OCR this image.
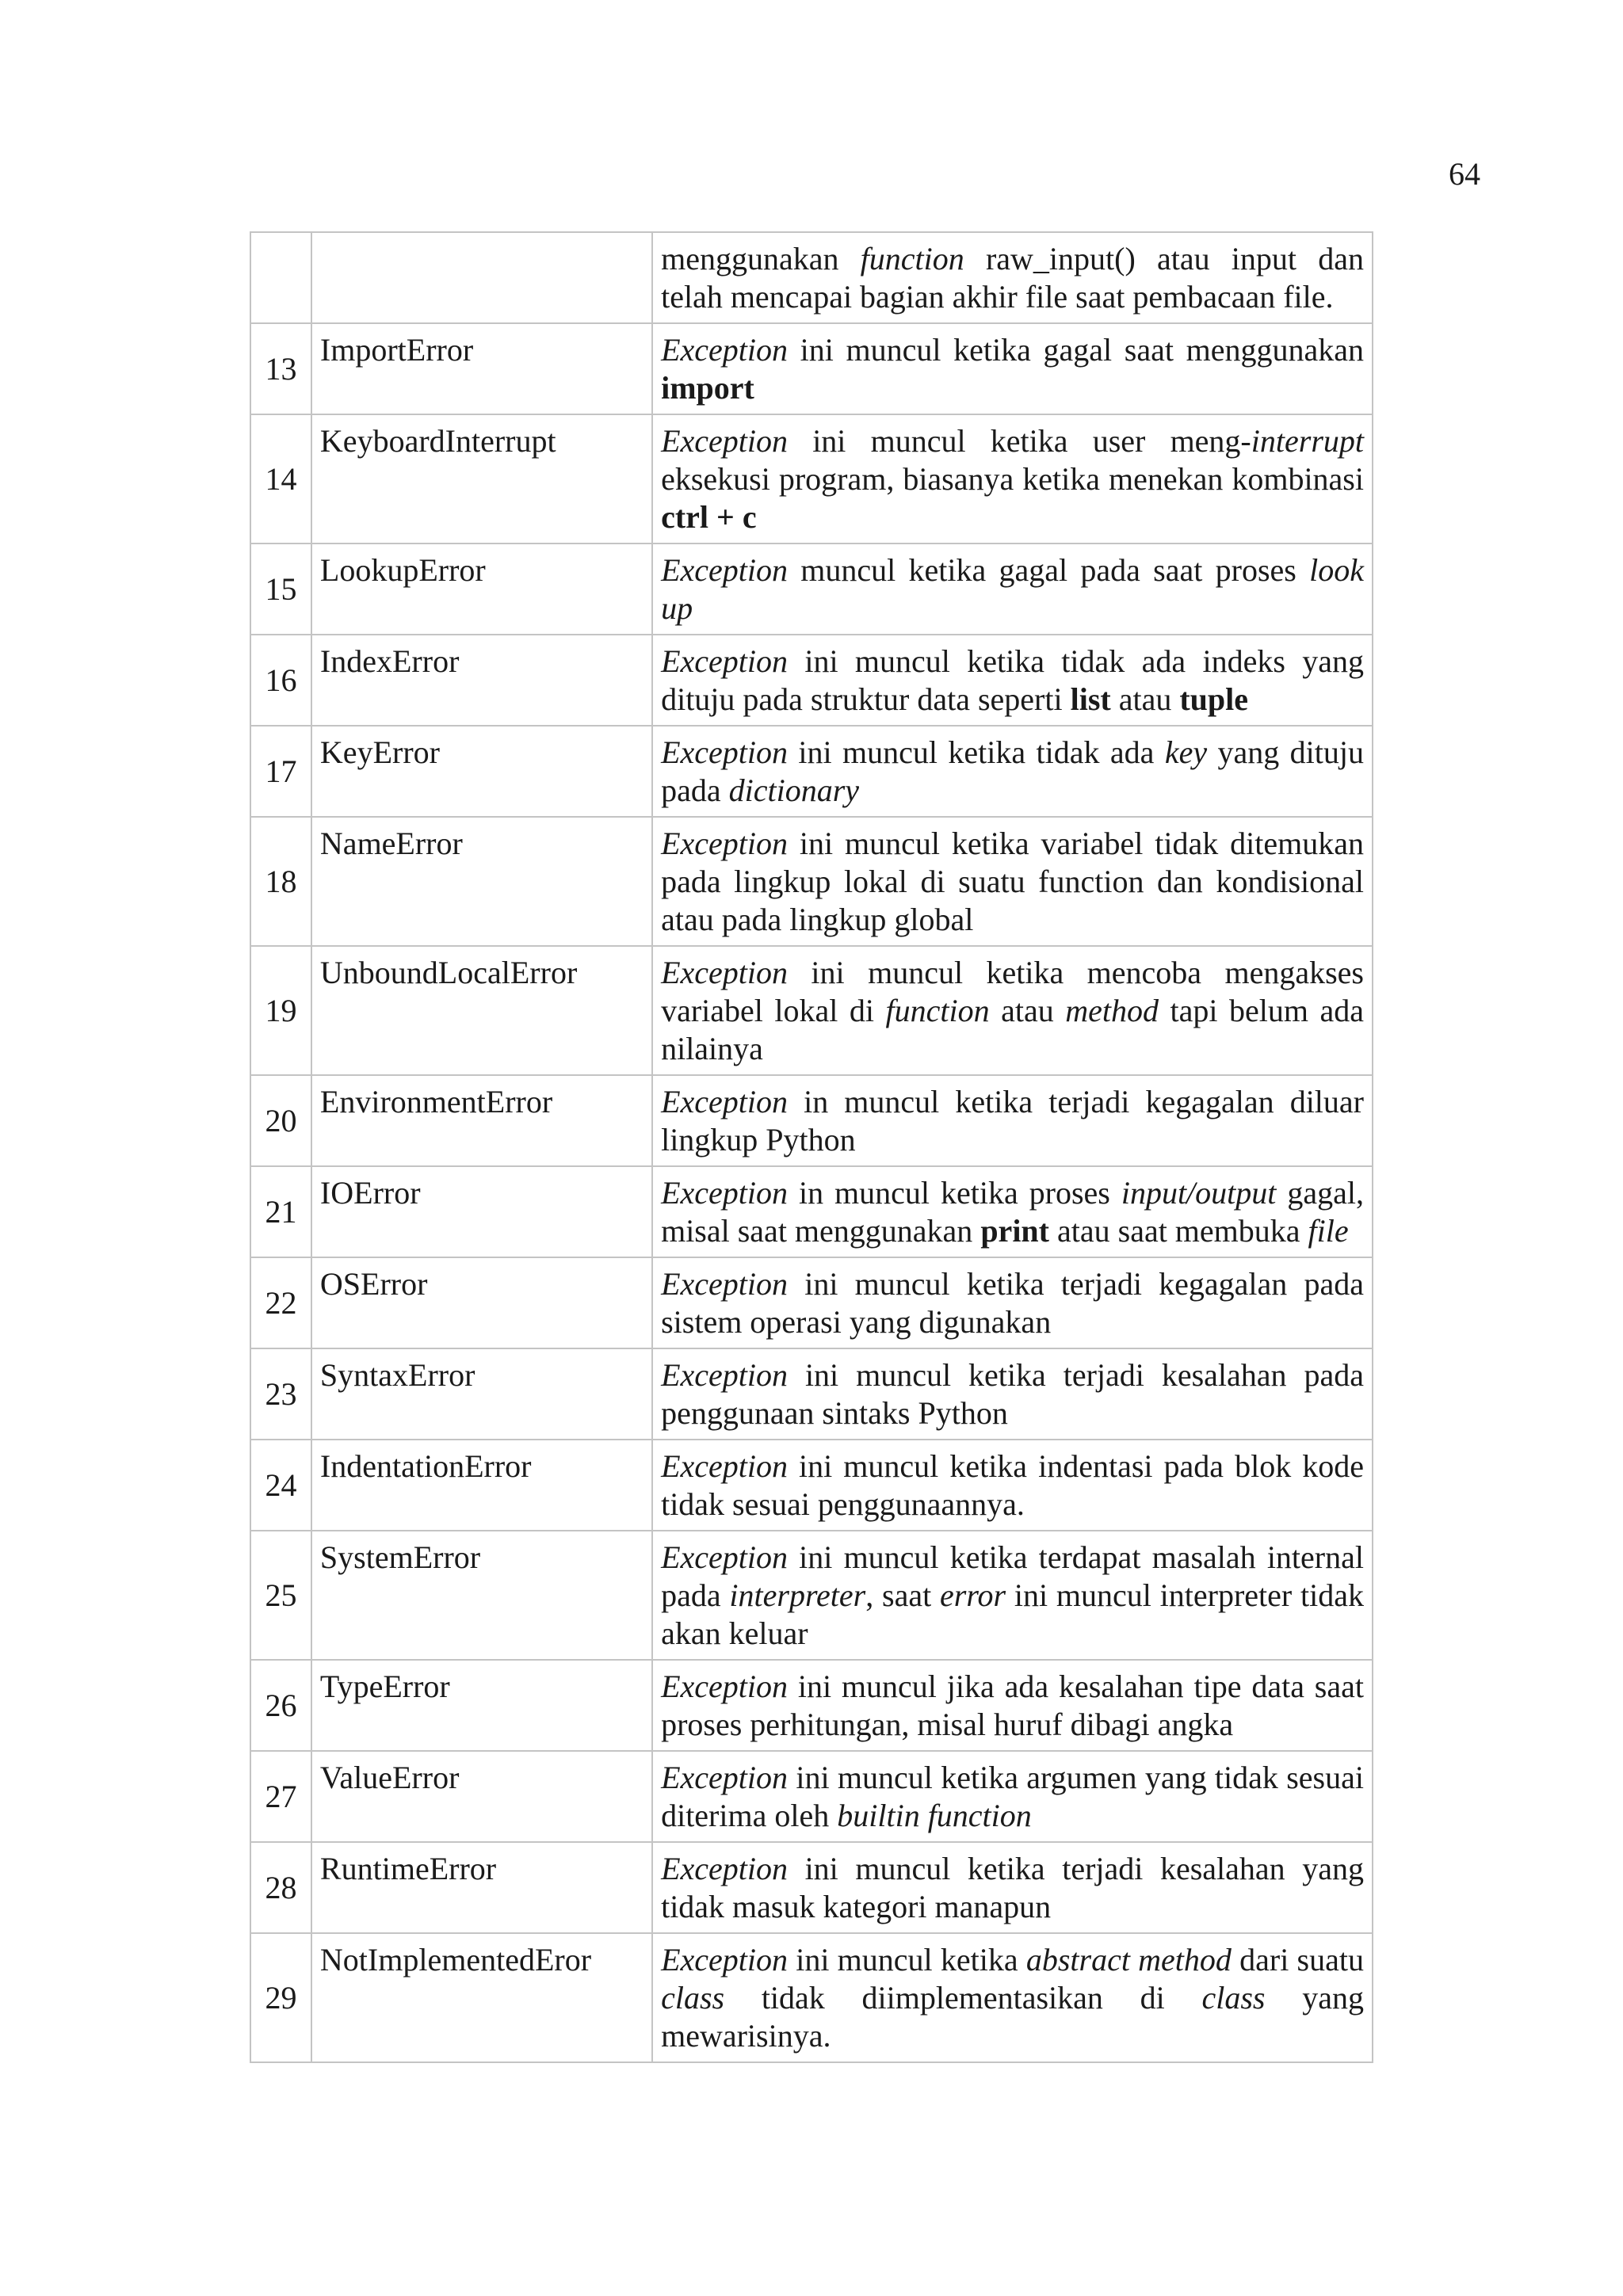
64
		menggunakan function raw_input() atau input dan telah mencapai bagian akhir file saat pembacaan file.
13	ImportError	Exception ini muncul ketika gagal saat menggunakan import
14	KeyboardInterrupt	Exception ini muncul ketika user meng-interrupt eksekusi program, biasanya ketika menekan kombinasi ctrl + c
15	LookupError	Exception muncul ketika gagal pada saat proses look up
16	IndexError	Exception ini muncul ketika tidak ada indeks yang dituju pada struktur data seperti list atau tuple
17	KeyError	Exception ini muncul ketika tidak ada key yang dituju pada dictionary
18	NameError	Exception ini muncul ketika variabel tidak ditemukan pada lingkup lokal di suatu function dan kondisional atau pada lingkup global
19	UnboundLocalError	Exception ini muncul ketika mencoba mengakses variabel lokal di function atau method tapi belum ada nilainya
20	EnvironmentError	Exception in muncul ketika terjadi kegagalan diluar lingkup Python
21	IOError	Exception in muncul ketika proses input/output gagal, misal saat menggunakan print atau saat membuka file
22	OSError	Exception ini muncul ketika terjadi kegagalan pada sistem operasi yang digunakan
23	SyntaxError	Exception ini muncul ketika terjadi kesalahan pada penggunaan sintaks Python
24	IndentationError	Exception ini muncul ketika indentasi pada blok kode tidak sesuai penggunaannya.
25	SystemError	Exception ini muncul ketika terdapat masalah internal pada interpreter, saat error ini muncul interpreter tidak akan keluar
26	TypeError	Exception ini muncul jika ada kesalahan tipe data saat proses perhitungan, misal huruf dibagi angka
27	ValueError	Exception ini muncul ketika argumen yang tidak sesuai diterima oleh builtin function
28	RuntimeError	Exception ini muncul ketika terjadi kesalahan yang tidak masuk kategori manapun
29	NotImplementedEror	Exception ini muncul ketika abstract method dari suatu class tidak diimplementasikan di class yang mewarisinya.
